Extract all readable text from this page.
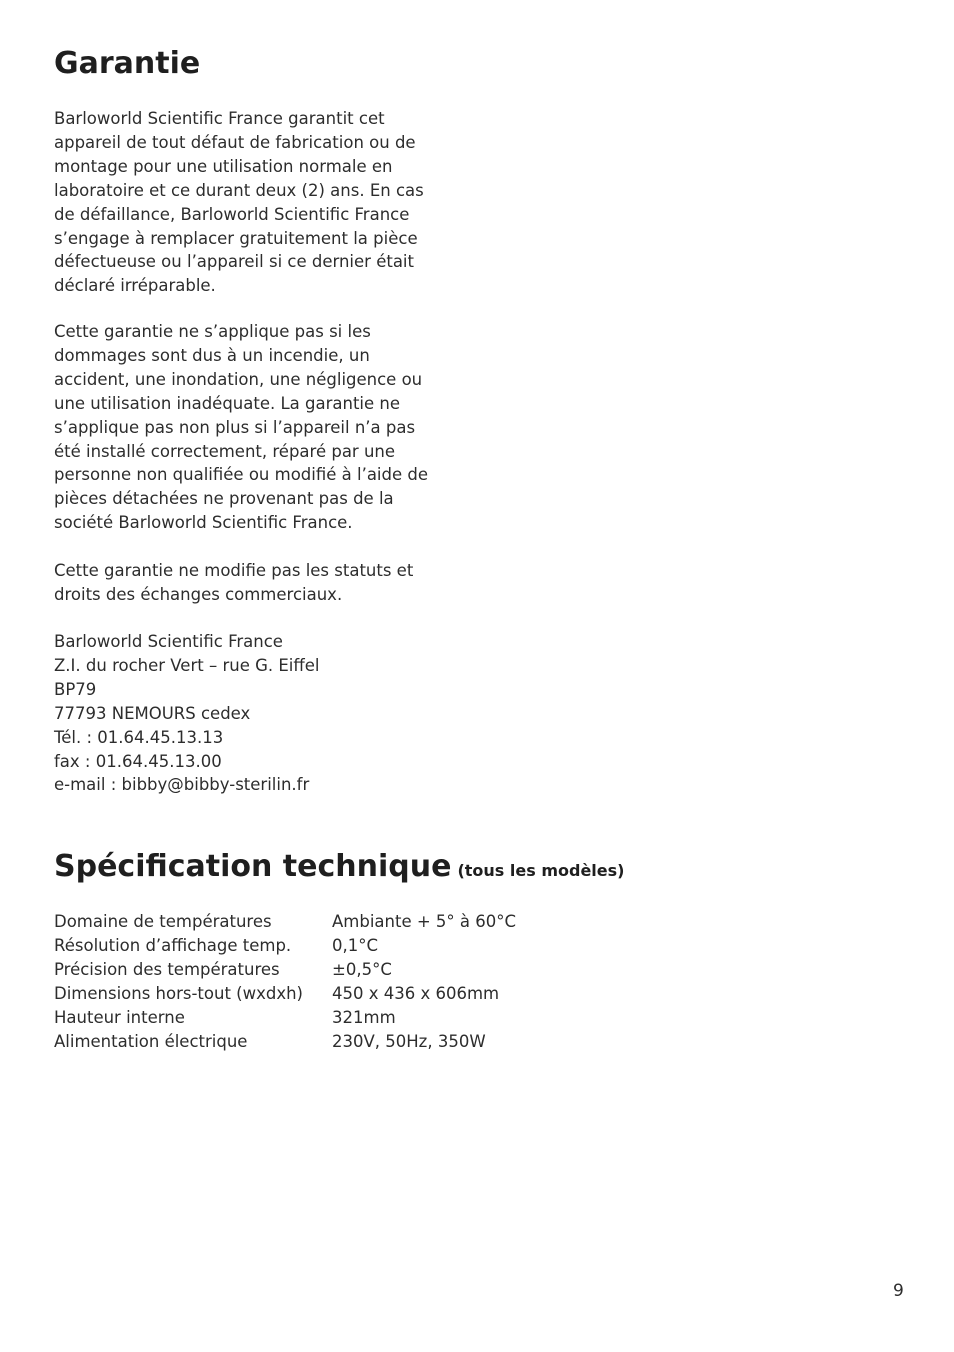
Garantie

Barloworld Scientific France garantit cet
appareil de tout défaut de fabrication ou de
montage pour une utilisation normale en
laboratoire et ce durant deux (2) ans. En cas
de défaillance, Barloworld Scientific France
s’engage à remplacer gratuitement la pièce
défectueuse ou l’appareil si ce dernier était
déclaré irréparable.

Cette garantie ne s’applique pas si les
dommages sont dus à un incendie, un
accident, une inondation, une négligence ou
une utilisation inadéquate. La garantie ne
s’applique pas non plus si l’appareil n’a pas
été installé correctement, réparé par une
personne non qualifiée ou modifié à l’aide de
pièces détachées ne provenant pas de la
société Barloworld Scientific France.

Cette garantie ne modifie pas les statuts et
droits des échanges commerciaux.

Barloworld Scientific France
Z.I. du rocher Vert – rue G. Eiffel
BP79
77793 NEMOURS cedex
Tél. : 01.64.45.13.13
fax : 01.64.45.13.00
e-mail : bibby@bibby-sterilin.fr

Spécification technique (tous les modèles)
Domaine de températures	Ambiante + 5° à 60°C
Résolution d’affichage temp.	0,1°C
Précision des températures	±0,5°C
Dimensions hors-tout (wxdxh)	450 x 436 x 606mm
Hauteur interne	321mm
Alimentation électrique	230V, 50Hz, 350W
9
